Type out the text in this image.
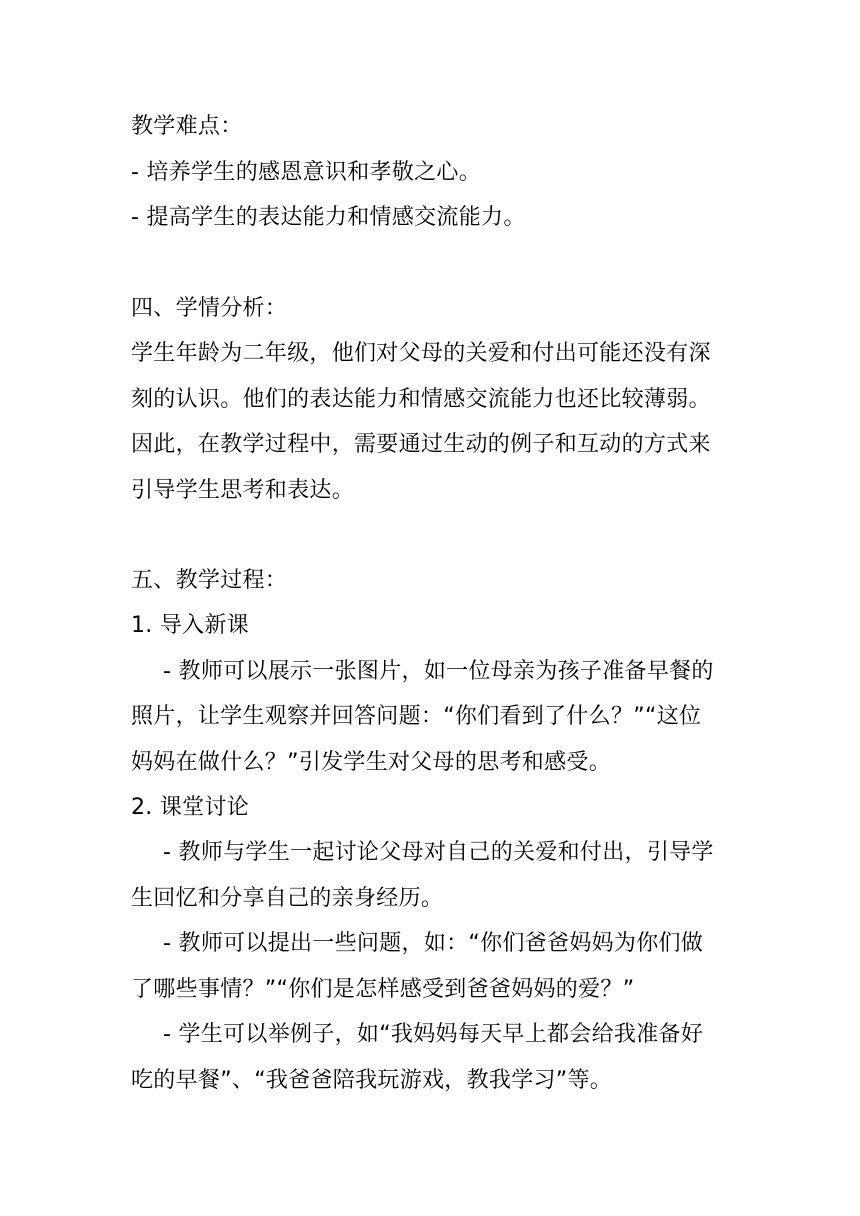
教学难点：
- 培养学生的感恩意识和孝敬之心。
- 提高学生的表达能力和情感交流能力。
四、学情分析：
学生年龄为二年级，他们对父母的关爱和付出可能还没有深
刻的认识。他们的表达能力和情感交流能力也还比较薄弱。
因此，在教学过程中，需要通过生动的例子和互动的方式来
引导学生思考和表达。
五、教学过程：
1. 导入新课
- 教师可以展示一张图片，如一位母亲为孩子准备早餐的
照片，让学生观察并回答问题：“你们看到了什么？”“这位
妈妈在做什么？”引发学生对父母的思考和感受。
2. 课堂讨论
- 教师与学生一起讨论父母对自己的关爱和付出，引导学
生回忆和分享自己的亲身经历。
- 教师可以提出一些问题，如：“你们爸爸妈妈为你们做
了哪些事情？”“你们是怎样感受到爸爸妈妈的爱？”
- 学生可以举例子，如“我妈妈每天早上都会给我准备好
吃的早餐”、“我爸爸陪我玩游戏，教我学习”等。
